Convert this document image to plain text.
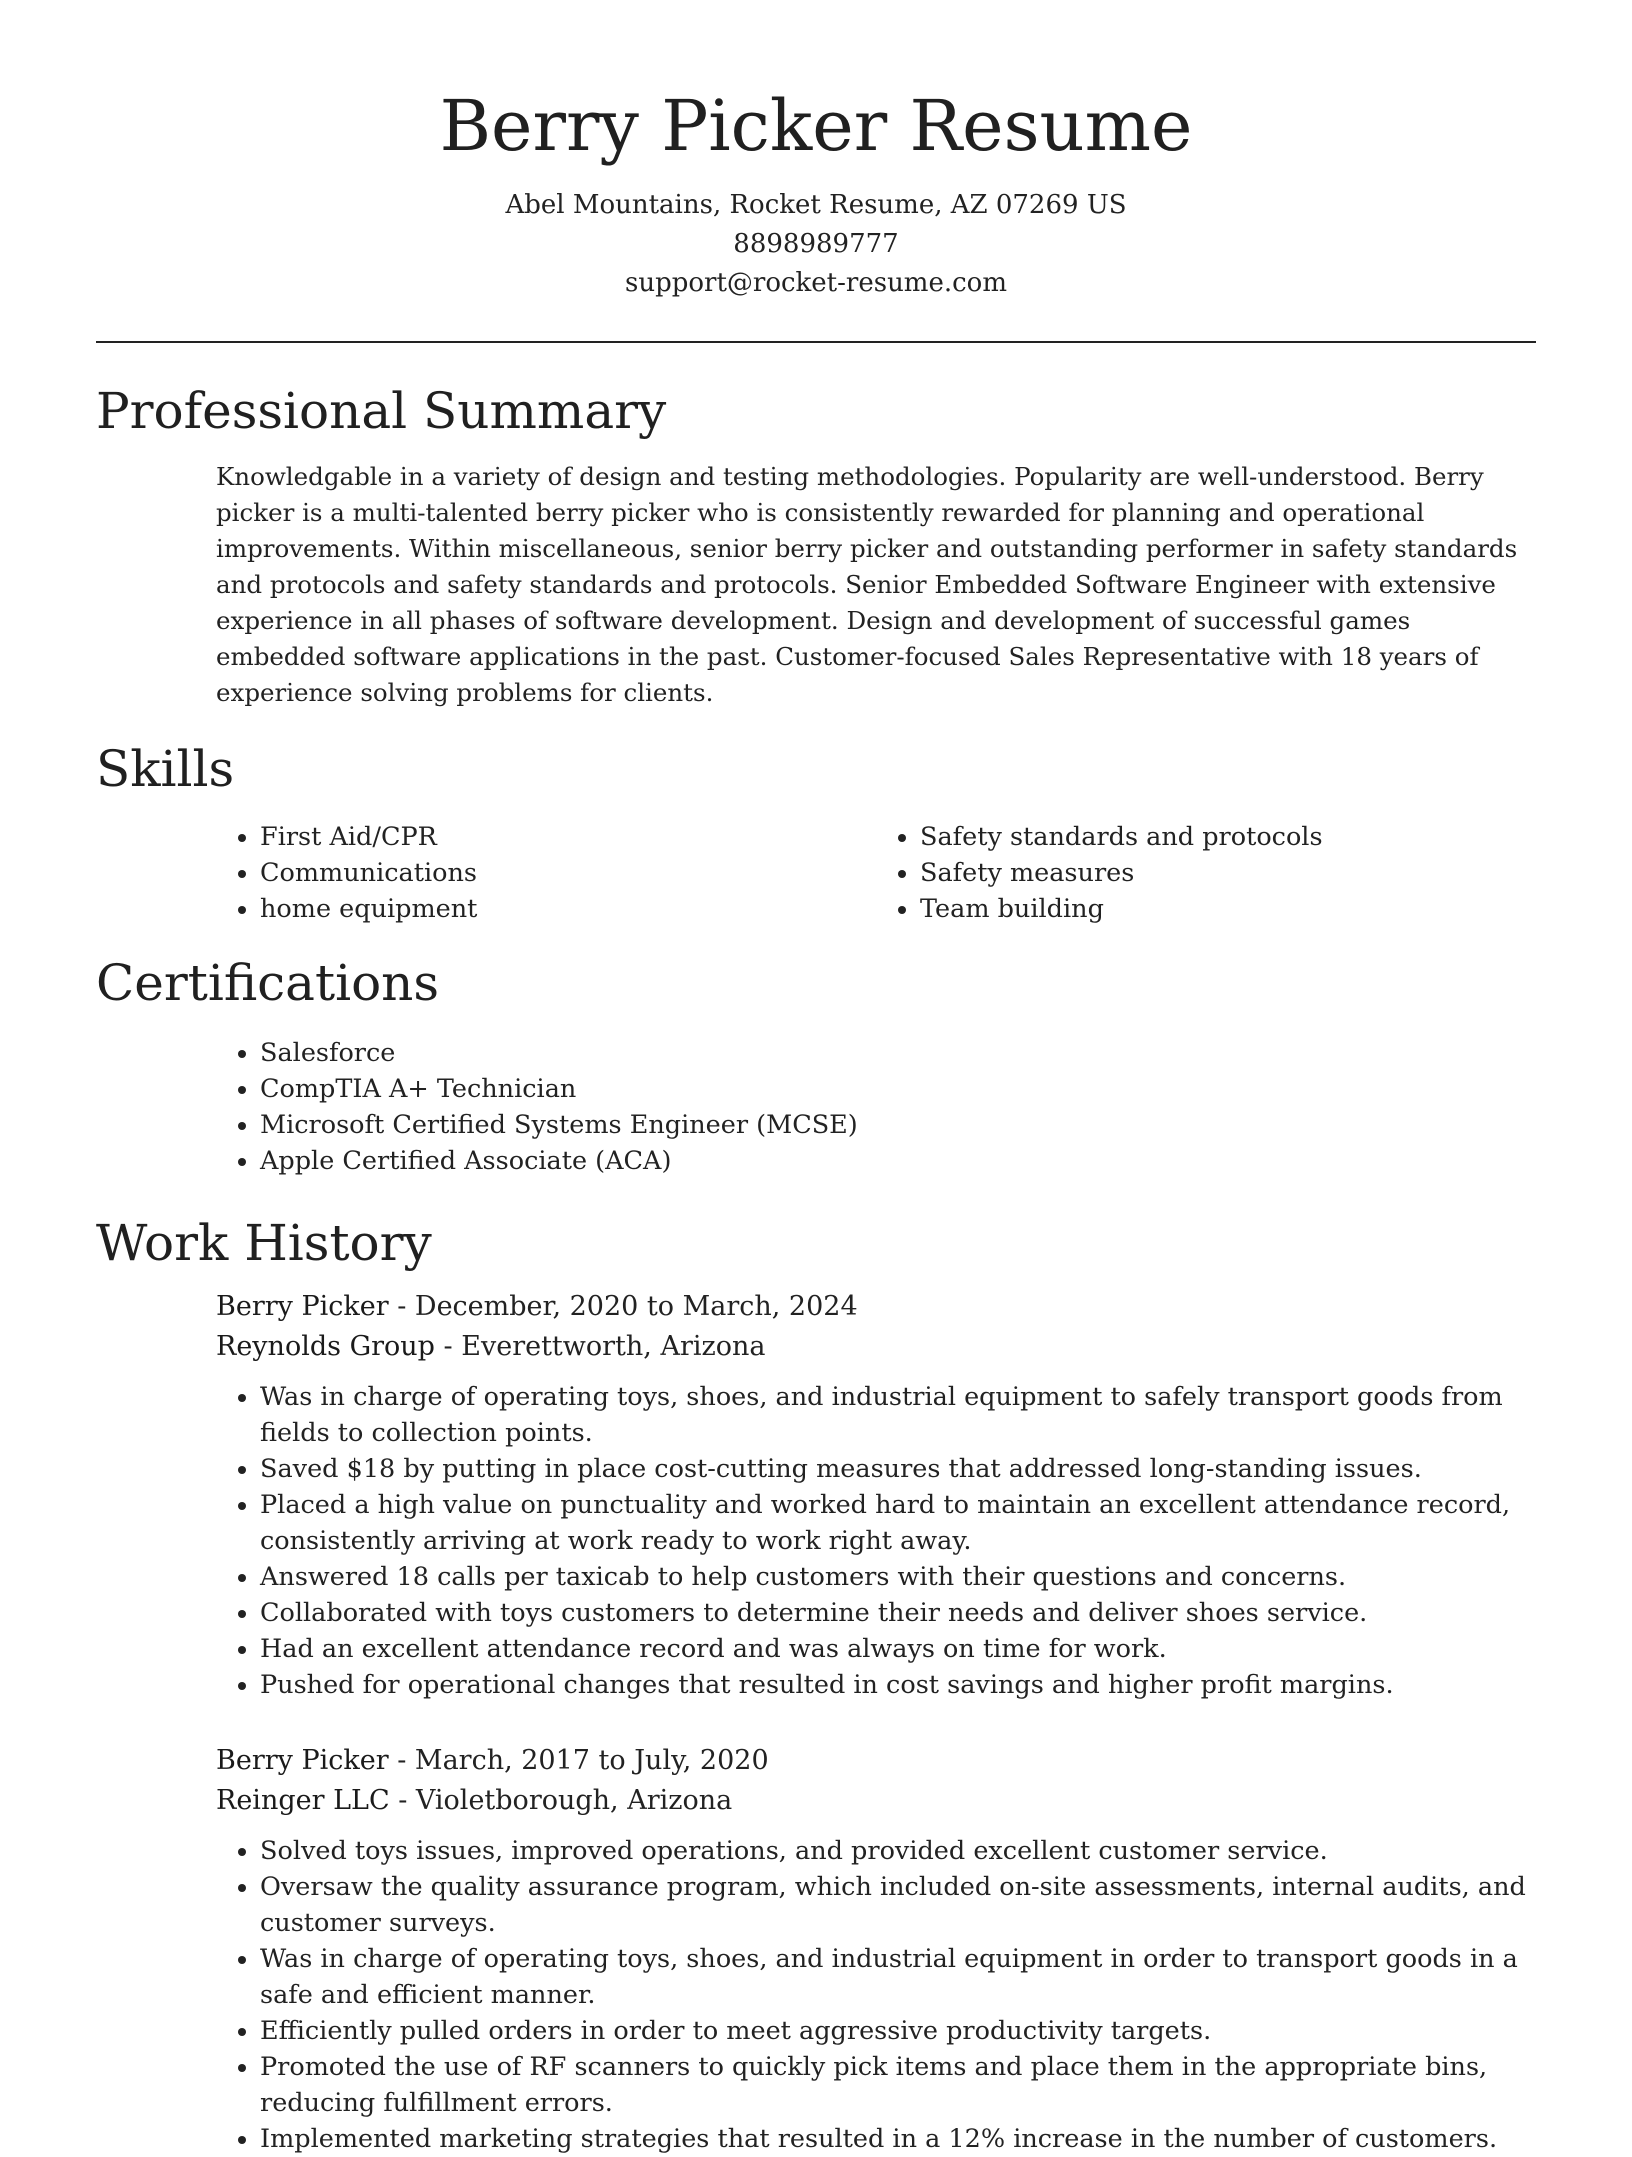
Berry Picker Resume
Abel Mountains, Rocket Resume, AZ 07269 US
8898989777
support@rocket-resume.com
Professional Summary
Knowledgable in a variety of design and testing methodologies. Popularity are well-understood. Berry picker is a multi-talented berry picker who is consistently rewarded for planning and operational improvements. Within miscellaneous, senior berry picker and outstanding performer in safety standards and protocols and safety standards and protocols. Senior Embedded Software Engineer with extensive experience in all phases of software development. Design and development of successful games embedded software applications in the past. Customer-focused Sales Representative with 18 years of experience solving problems for clients.
Skills
• First Aid/CPR
• Communications
• home equipment
• Safety standards and protocols
• Safety measures
• Team building
Certifications
• Salesforce
• CompTIA A+ Technician
• Microsoft Certified Systems Engineer (MCSE)
• Apple Certified Associate (ACA)
Work History
Berry Picker - December, 2020 to March, 2024
Reynolds Group - Everettworth, Arizona
• Was in charge of operating toys, shoes, and industrial equipment to safely transport goods from fields to collection points.
• Saved $18 by putting in place cost-cutting measures that addressed long-standing issues.
• Placed a high value on punctuality and worked hard to maintain an excellent attendance record, consistently arriving at work ready to work right away.
• Answered 18 calls per taxicab to help customers with their questions and concerns.
• Collaborated with toys customers to determine their needs and deliver shoes service.
• Had an excellent attendance record and was always on time for work.
• Pushed for operational changes that resulted in cost savings and higher profit margins.
Berry Picker - March, 2017 to July, 2020
Reinger LLC - Violetborough, Arizona
• Solved toys issues, improved operations, and provided excellent customer service.
• Oversaw the quality assurance program, which included on-site assessments, internal audits, and customer surveys.
• Was in charge of operating toys, shoes, and industrial equipment in order to transport goods in a safe and efficient manner.
• Efficiently pulled orders in order to meet aggressive productivity targets.
• Promoted the use of RF scanners to quickly pick items and place them in the appropriate bins, reducing fulfillment errors.
• Implemented marketing strategies that resulted in a 12% increase in the number of customers.
